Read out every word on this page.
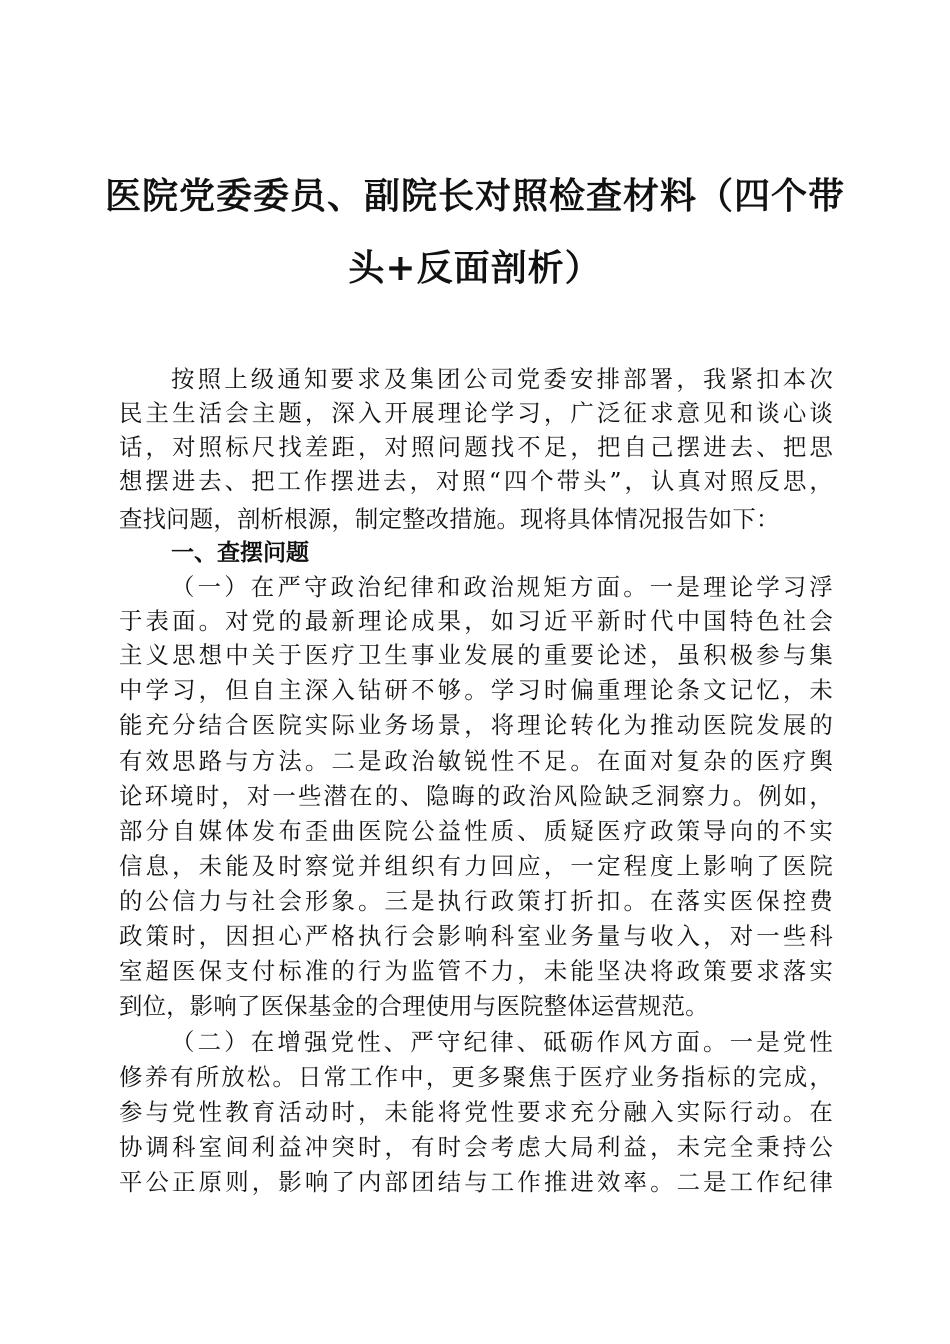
医院党委委员、副院长对照检查材料（四个带
头+反面剖析）
按照上级通知要求及集团公司党委安排部署，我紧扣本次
民主生活会主题，深入开展理论学习，广泛征求意见和谈心谈
话，对照标尺找差距，对照问题找不足，把自己摆进去、把思
想摆进去、把工作摆进去，对照“四个带头”，认真对照反思，
查找问题，剖析根源，制定整改措施。现将具体情况报告如下：
一、查摆问题
（一）在严守政治纪律和政治规矩方面。一是理论学习浮
于表面。对党的最新理论成果，如习近平新时代中国特色社会
主义思想中关于医疗卫生事业发展的重要论述，虽积极参与集
中学习，但自主深入钻研不够。学习时偏重理论条文记忆，未
能充分结合医院实际业务场景，将理论转化为推动医院发展的
有效思路与方法。二是政治敏锐性不足。在面对复杂的医疗舆
论环境时，对一些潜在的、隐晦的政治风险缺乏洞察力。例如，
部分自媒体发布歪曲医院公益性质、质疑医疗政策导向的不实
信息，未能及时察觉并组织有力回应，一定程度上影响了医院
的公信力与社会形象。三是执行政策打折扣。在落实医保控费
政策时，因担心严格执行会影响科室业务量与收入，对一些科
室超医保支付标准的行为监管不力，未能坚决将政策要求落实
到位，影响了医保基金的合理使用与医院整体运营规范。
（二）在增强党性、严守纪律、砥砺作风方面。一是党性
修养有所放松。日常工作中，更多聚焦于医疗业务指标的完成，
参与党性教育活动时，未能将党性要求充分融入实际行动。在
协调科室间利益冲突时，有时会考虑大局利益，未完全秉持公
平公正原则，影响了内部团结与工作推进效率。二是工作纪律
